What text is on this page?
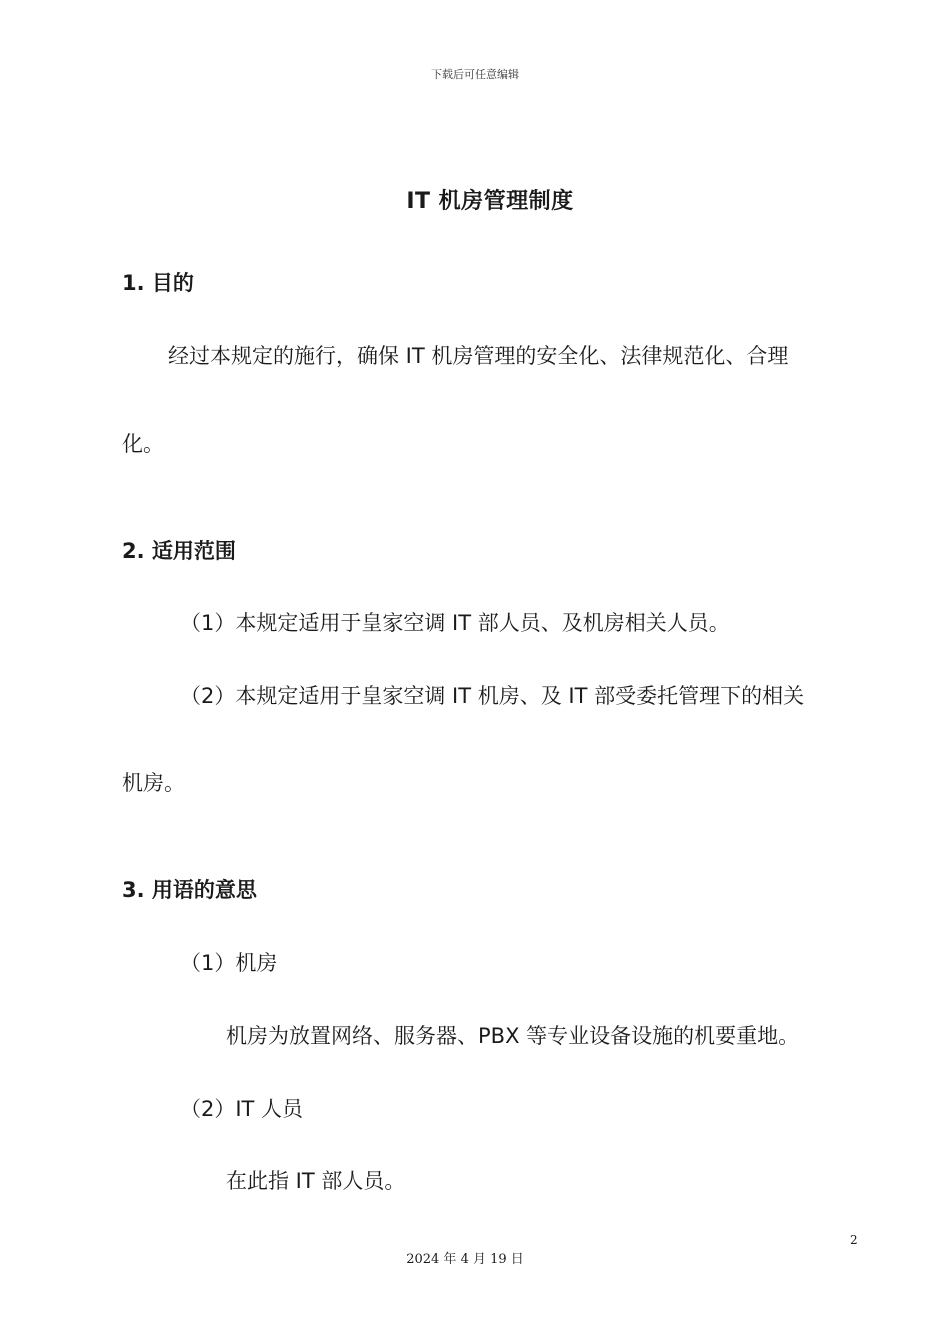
下载后可任意编辑
IT 机房管理制度
1. 目的
经过本规定的施行，确保 IT 机房管理的安全化、法律规范化、合理
化。
2. 适用范围
（1）本规定适用于皇家空调 IT 部人员、及机房相关人员。
（2）本规定适用于皇家空调 IT 机房、及 IT 部受委托管理下的相关
机房。
3. 用语的意思
（1）机房
机房为放置网络、服务器、PBX 等专业设备设施的机要重地。
（2）IT 人员
在此指 IT 部人员。
2
2024 年 4 月 19 日
